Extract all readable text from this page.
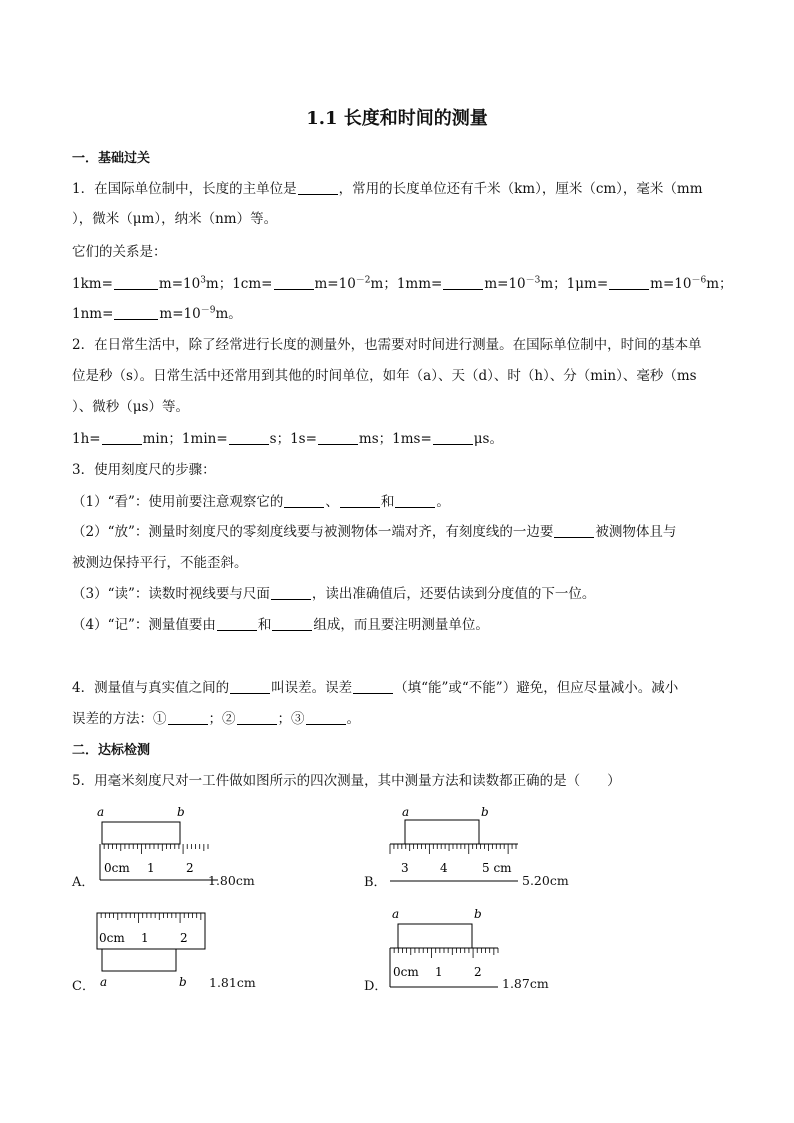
1.1 长度和时间的测量
一．基础过关
1．在国际单位制中，长度的主单位是	，常用的长度单位还有千米（km），厘米（cm），毫米（mm
），微米（μm），纳米（nm）等。
它们的关系是：
1km=	$m=10^3m$；1cm=	$m=10^{-2}m$；1mm=	$m=10^{-3}m$；1μm=	$m=10^{-6}m$；
1nm=	$m=10^{-9}m$。
2．在日常生活中，除了经常进行长度的测量外，也需要对时间进行测量。在国际单位制中，时间的基本单
位是秒（s）。日常生活中还常用到其他的时间单位，如年（a）、天（d）、时（h）、分（min）、毫秒（ms
）、微秒（μs）等。
1h=	min；1min=	s；1s=	ms；1ms=	μs。
3．使用刻度尺的步骤：
（1）“看”：使用前要注意观察它的	、	和	。
（2）“放”：测量时刻度尺的零刻度线要与被测物体一端对齐，有刻度线的一边要	被测物体且与
被测边保持平行，不能歪斜。
（3）“读”：读数时视线要与尺面	，读出准确值后，还要估读到分度值的下一位。
（4）“记”：测量值要由	和	组成，而且要注明测量单位。
4．测量值与真实值之间的	叫误差。误差	（填“能”或“不能”）避免，但应尽量减小。减小
误差的方法：①	；②	；③	。
二．达标检测
5．用毫米刻度尺对一工件做如图所示的四次测量，其中测量方法和读数都正确的是（　　）
A．
a	b
0cm 1	2
1.80cm	B．
a	b
3	4	5 cm
5.20cm
C．
0cm 1	2
a	b 1.81cm	D．
a	b
0cm 1	2
1.87cm
